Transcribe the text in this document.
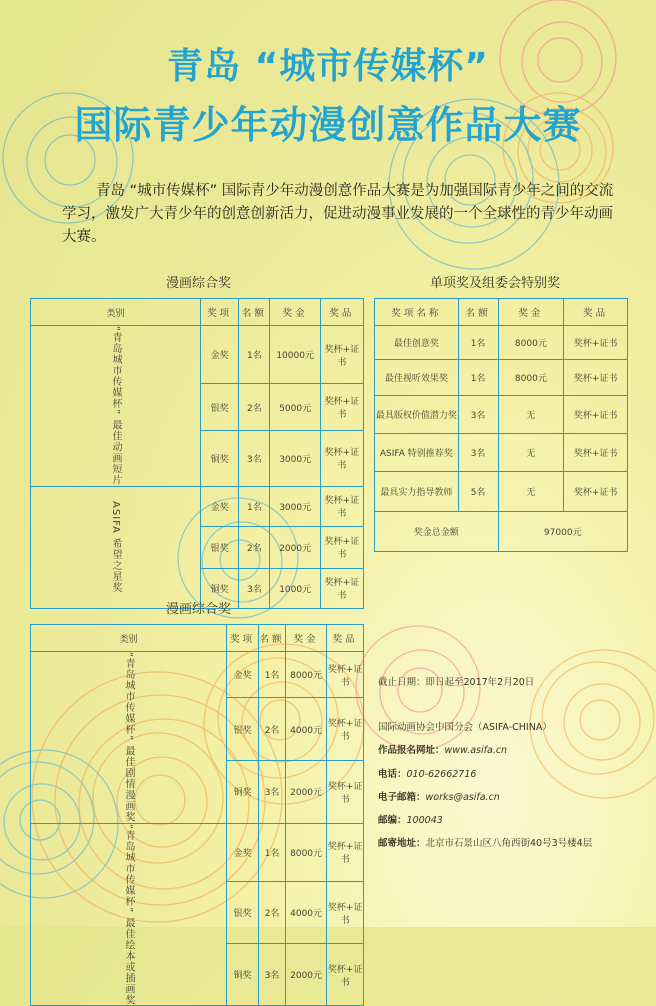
青岛 “城市传媒杯”
国际青少年动漫创意作品大赛
青岛 “城市传媒杯” 国际青少年动漫创意作品大赛是为加强国际青少年之间的交流学习，激发广大青少年的创意创新活力，促进动漫事业发展的一个全球性的青少年动画大赛。
漫画综合奖
类别	奖项	名额	奖金	奖品

“青岛城市传媒杯” 最佳动画短片	金奖	1名	10000元	奖杯+证书
	银奖	2名	5000元	奖杯+证书
	铜奖	3名	3000元	奖杯+证书

ASIFA 希望之星奖	金奖	1名	3000元	奖杯+证书
	银奖	2名	2000元	奖杯+证书
	铜奖	3名	1000元	奖杯+证书
单项奖及组委会特别奖
奖项名称	名额	奖金	奖品
最佳创意奖	1名	8000元	奖杯+证书
最佳视听效果奖	1名	8000元	奖杯+证书
最具版权价值潜力奖	3名	无	奖杯+证书
ASIFA 特别推荐奖	3名	无	奖杯+证书
最具实力指导教师	5名	无	奖杯+证书
奖金总金额		97000元	
漫画综合奖
类别	奖项	名额	奖金	奖品

“青岛城市传媒杯” 最佳剧情漫画奖	金奖	1名	8000元	奖杯+证书
	银奖	2名	4000元	奖杯+证书
	铜奖	3名	2000元	奖杯+证书

“青岛城市传媒杯” 最佳绘本或插画奖	金奖	1名	8000元	奖杯+证书
	银奖	2名	4000元	奖杯+证书
	铜奖	3名	2000元	奖杯+证书
截止日期：即日起至2017年2月20日
国际动画协会中国分会（ASIFA-CHINA）
作品报名网址：www.asifa.cn
电话：010-62662716
电子邮箱：works@asifa.cn
邮编：100043
邮寄地址：北京市石景山区八角西街40号3号楼4层
